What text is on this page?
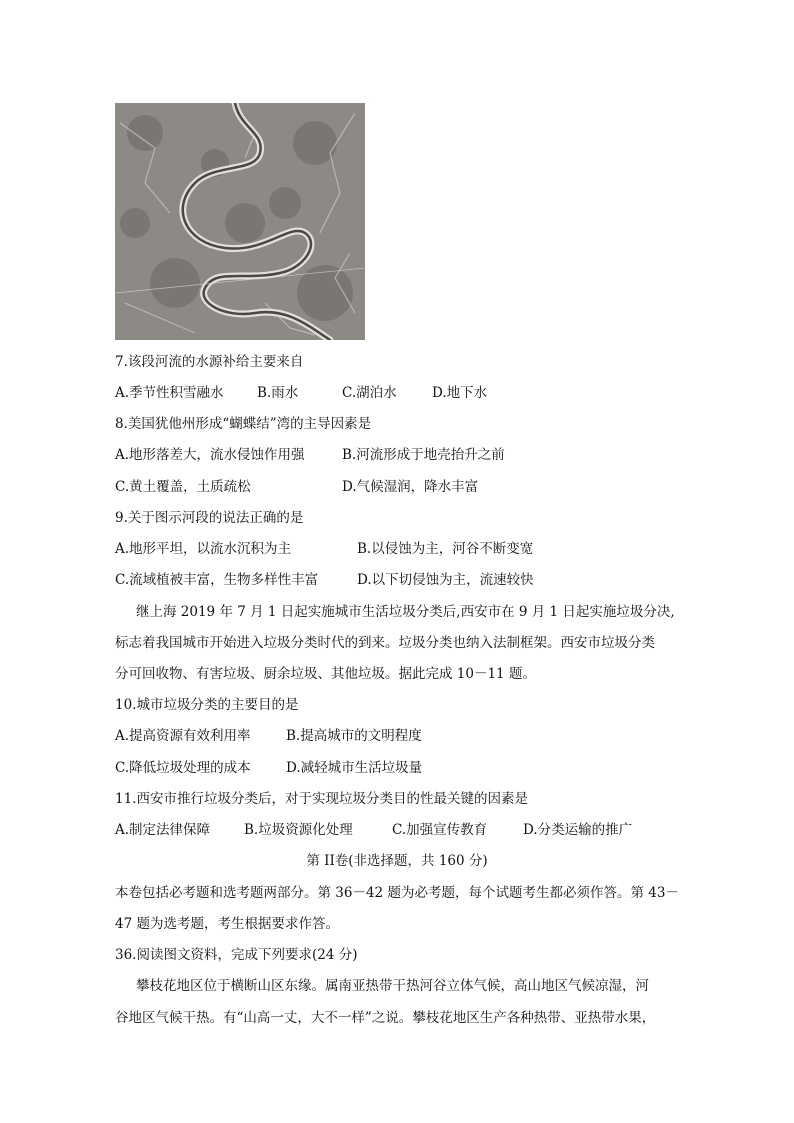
7.该段河流的水源补给主要来自
A.季节性积雪融水 B.雨水	C.湖泊水	D.地下水
8.美国犹他州形成“蝴蝶结”湾的主导因素是
A.地形落差大，流水侵蚀作用强	B.河流形成于地壳抬升之前
C.黄土覆盖，土质疏松	D.气候湿润，降水丰富
9.关于图示河段的说法正确的是
A.地形平坦，以流水沉积为主	B.以侵蚀为主，河谷不断变宽
C.流域植被丰富，生物多样性丰富	D.以下切侵蚀为主，流速较快
继上海 2019 年 7 月 1 日起实施城市生活垃圾分类后,西安市在 9 月 1 日起实施垃圾分决,
标志着我国城市开始进入垃圾分类时代的到来。垃圾分类也纳入法制框架。西安市垃圾分类
分可回收物、有害垃圾、厨余垃圾、其他垃圾。据此完成 10－11 题。
10.城市垃圾分类的主要目的是
A.提高资源有效利用率	B.提高城市的文明程度
C.降低垃圾处理的成本	D.减轻城市生活垃圾量
11.西安市推行垃圾分类后，对于实现垃圾分类目的性最关键的因素是
A.制定法律保障	B.垃圾资源化处理	C.加强宣传教育	D.分类运输的推广
第 II卷(非选择题，共 160 分)
本卷包括必考题和选考题两部分。第 36－42 题为必考题，每个试题考生都必须作答。第 43－
47 题为选考题，考生根据要求作答。
36.阅读图文资料，完成下列要求(24 分)
攀枝花地区位于横断山区东缘。属南亚热带干热河谷立体气候，高山地区气候凉湿，河
谷地区气候干热。有“山高一丈，大不一样”之说。攀枝花地区生产各种热带、亚热带水果，
